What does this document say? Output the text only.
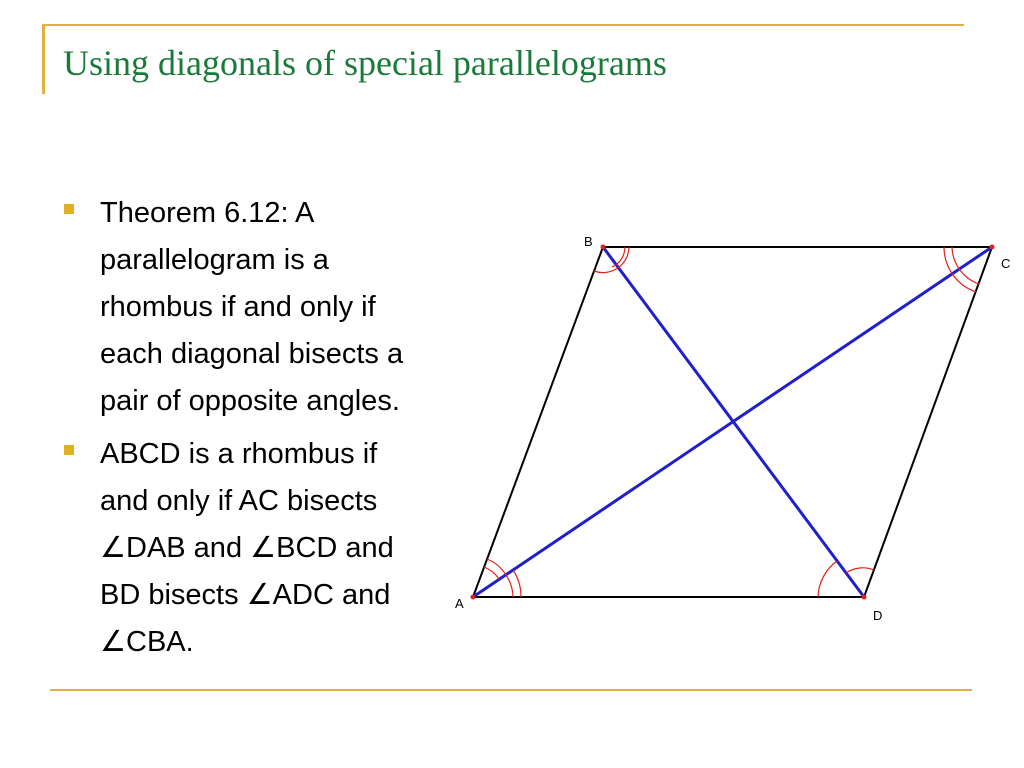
Using diagonals of special parallelograms
Theorem 6.12: A
parallelogram is a
rhombus if and only if
each diagonal bisects a
pair of opposite angles.
ABCD is a rhombus if
and only if AC bisects
∠DAB and ∠BCD and
BD bisects ∠ADC and
∠CBA.
A
B
C
D
